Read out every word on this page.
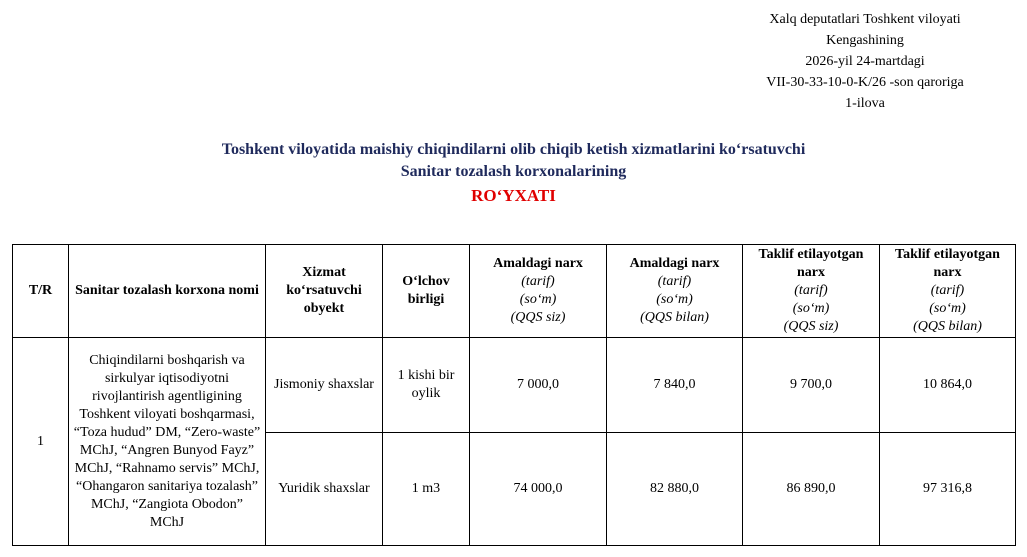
Xalq deputatlari Toshkent viloyati
Kengashining
2026-yil 24-martdagi
VII-30-33-10-0-K/26 -son qaroriga
1-ilova
Toshkent viloyatida maishiy chiqindilarni olib chiqib ketish xizmatlarini ko‘rsatuvchi
Sanitar tozalash korxonalarining
RO‘YXATI
T/R	Sanitar tozalash korxona nomi	Xizmat ko‘rsatuvchi obyekt	O‘lchov birligi	Amaldagi narx
(tarif)
(so‘m)
(QQS siz)	Amaldagi narx
(tarif)
(so‘m)
(QQS bilan)	Taklif etilayotgan narx
(tarif)
(so‘m)
(QQS siz)	Taklif etilayotgan narx
(tarif)
(so‘m)
(QQS bilan)

1	Chiqindilarni boshqarish va sirkulyar iqtisodiyotni rivojlantirish agentligining Toshkent viloyati boshqarmasi, “Toza hudud” DM, “Zero-waste” MChJ, “Angren Bunyod Fayz” MChJ, “Rahnamo servis” MChJ, “Ohangaron sanitariya tozalash” MChJ, “Zangiota Obodon” MChJ	Jismoniy shaxslar	1 kishi bir oylik	7 000,0	7 840,0	9 700,0	10 864,0
		Yuridik shaxslar	1 m3	74 000,0	82 880,0	86 890,0	97 316,8
